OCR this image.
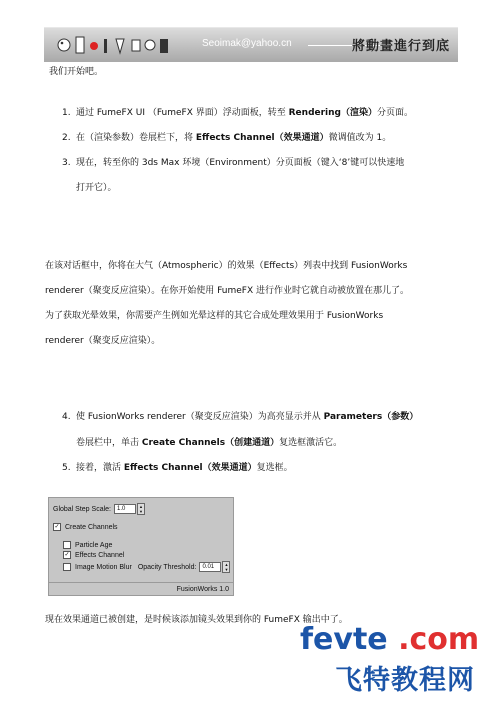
Seoimak@yahoo.cn	將動畫進行到底
我们开始吧。
1. 通过 FumeFX UI （FumeFX 界面）浮动面板，转至 Rendering（渲染）分页面。
2. 在（渲染参数）卷展栏下，将 Effects Channel（效果通道）微调值改为 1。
3. 现在，转至你的 3ds Max 环境（Environment）分页面板（键入‘8’键可以快速地
打开它）。
在该对话框中，你将在大气（Atmospheric）的效果（Effects）列表中找到 FusionWorks
renderer（聚变反应渲染）。在你开始使用 FumeFX 进行作业时它就自动被放置在那儿了。
为了获取光晕效果，你需要产生例如光晕这样的其它合成处理效果用于 FusionWorks
renderer（聚变反应渲染）。
4. 使 FusionWorks renderer（聚变反应渲染）为高亮显示并从 Parameters（参数）
卷展栏中，单击 Create Channels（创建通道）复选框激活它。
5. 接着，激活 Effects Channel（效果通道）复选框。
Global Step Scale:	1.0	▲
▼
✓ Create Channels
Particle Age
✓ Effects Channel
Image Motion Blur Opacity Threshold:	0.01	▲
▼
FusionWorks 1.0
现在效果通道已被创建，是时候该添加镜头效果到你的 FumeFX 输出中了。
fevte .com
飞特教程网
